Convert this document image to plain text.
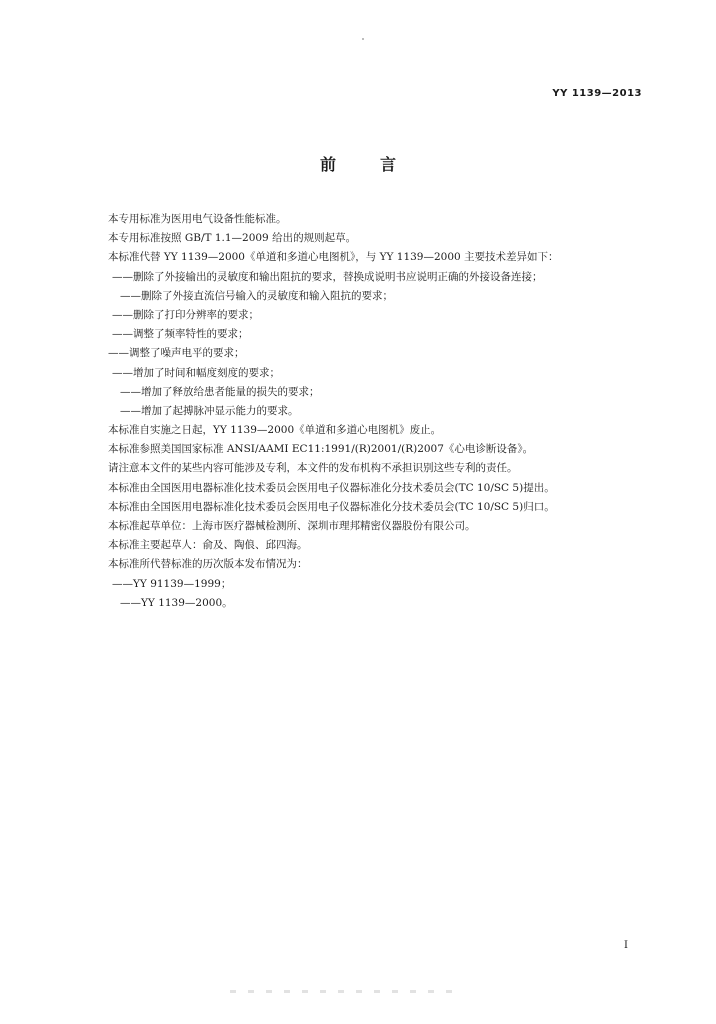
YY 1139—2013
前言
本专用标准为医用电气设备性能标准。
本专用标准按照 GB/T 1.1—2009 给出的规则起草。
本标准代替 YY 1139—2000《单道和多道心电图机》，与 YY 1139—2000 主要技术差异如下：
——删除了外接输出的灵敏度和输出阻抗的要求，替换成说明书应说明正确的外接设备连接；
——删除了外接直流信号输入的灵敏度和输入阻抗的要求；
——删除了打印分辨率的要求；
——调整了频率特性的要求；
——调整了噪声电平的要求；
——增加了时间和幅度刻度的要求；
——增加了释放给患者能量的损失的要求；
——增加了起搏脉冲显示能力的要求。
本标准自实施之日起，YY 1139—2000《单道和多道心电图机》废止。
本标准参照美国国家标准 ANSI/AAMI EC11:1991/(R)2001/(R)2007《心电诊断设备》。
请注意本文件的某些内容可能涉及专利，本文件的发布机构不承担识别这些专利的责任。
本标准由全国医用电器标准化技术委员会医用电子仪器标准化分技术委员会(TC 10/SC 5)提出。
本标准由全国医用电器标准化技术委员会医用电子仪器标准化分技术委员会(TC 10/SC 5)归口。
本标准起草单位：上海市医疗器械检测所、深圳市理邦精密仪器股份有限公司。
本标准主要起草人：俞及、陶俍、邱四海。
本标准所代替标准的历次版本发布情况为：
——YY 91139—1999；
——YY 1139—2000。
I
